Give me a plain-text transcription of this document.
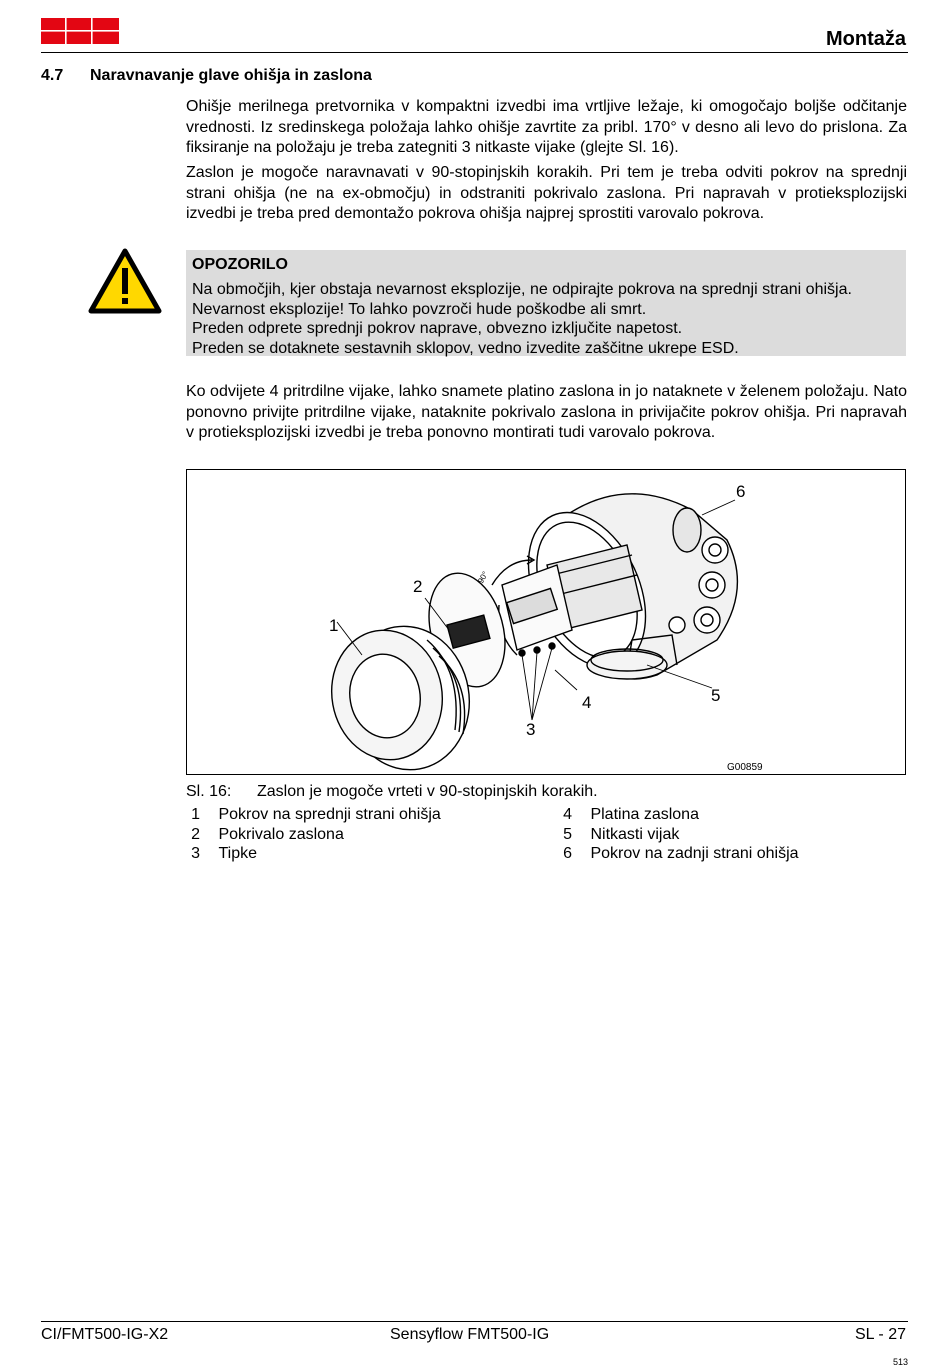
Montaža
4.7 Naravnavanje glave ohišja in zaslona

Ohišje merilnega pretvornika v kompaktni izvedbi ima vrtljive ležaje, ki omogočajo boljše odčitanje vrednosti. Iz sredinskega položaja lahko ohišje zavrtite za pribl. 170° v desno ali levo do prislona. Za fiksiranje na položaju je treba zategniti 3 nitkaste vijake (glejte Sl. 16).

Zaslon je mogoče naravnavati v 90-stopinjskih korakih. Pri tem je treba odviti pokrov na sprednji strani ohišja (ne na ex-območju) in odstraniti pokrivalo zaslona. Pri napravah v protieksplozijski izvedbi je treba pred demontažo pokrova ohišja najprej sprostiti varovalo pokrova.

OPOZORILO
Na območjih, kjer obstaja nevarnost eksplozije, ne odpirajte pokrova na sprednji strani ohišja.
Nevarnost eksplozije! To lahko povzroči hude poškodbe ali smrt.
Preden odprete sprednji pokrov naprave, obvezno izključite napetost.
Preden se dotaknete sestavnih sklopov, vedno izvedite zaščitne ukrepe ESD.

Ko odvijete 4 pritrdilne vijake, lahko snamete platino zaslona in jo nataknete v želenem položaju. Nato ponovno privijte pritrdilne vijake, nataknite pokrivalo zaslona in privijačite pokrov ohišja. Pri napravah v protieksplozijski izvedbi je treba ponovno montirati tudi varovalo pokrova.

1
2
3
4	5
6
90°
G00859
Sl. 16: Zaslon je mogoče vrteti v 90-stopinjskih korakih.
1 Pokrov na sprednji strani ohišja
2 Pokrivalo zaslona
3 Tipke
4 Platina zaslona
5 Nitkasti vijak
6 Pokrov na zadnji strani ohišja
CI/FMT500-IG-X2	Sensyflow FMT500-IG	SL - 27
513
